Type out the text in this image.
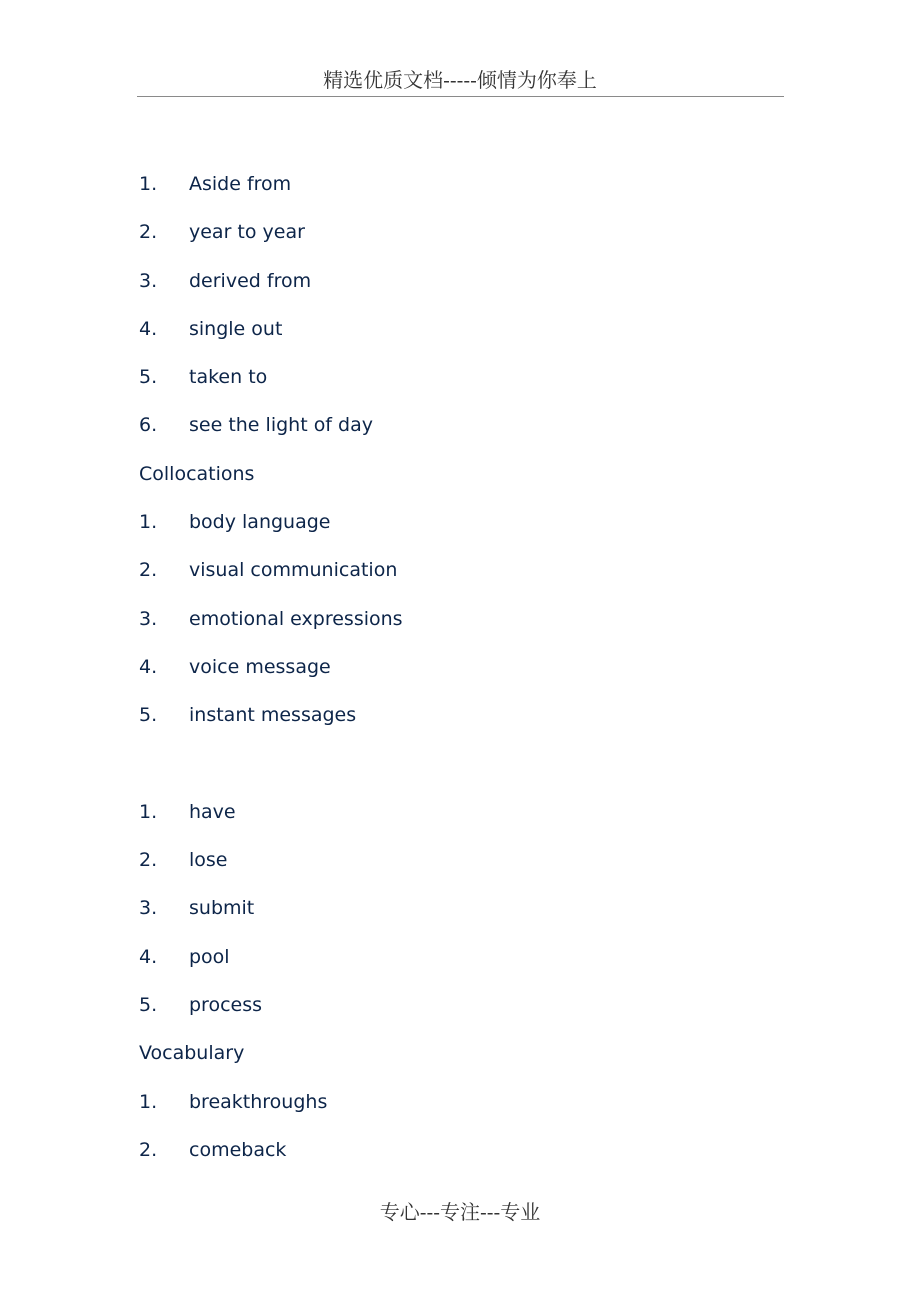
精选优质文档-----倾情为你奉上
1. Aside from
2. year to year
3. derived from
4. single out
5. taken to
6. see the light of day
Collocations
1. body language
2. visual communication
3. emotional expressions
4. voice message
5. instant messages
1. have
2. lose
3. submit
4. pool
5. process
Vocabulary
1. breakthroughs
2. comeback
专心---专注---专业
